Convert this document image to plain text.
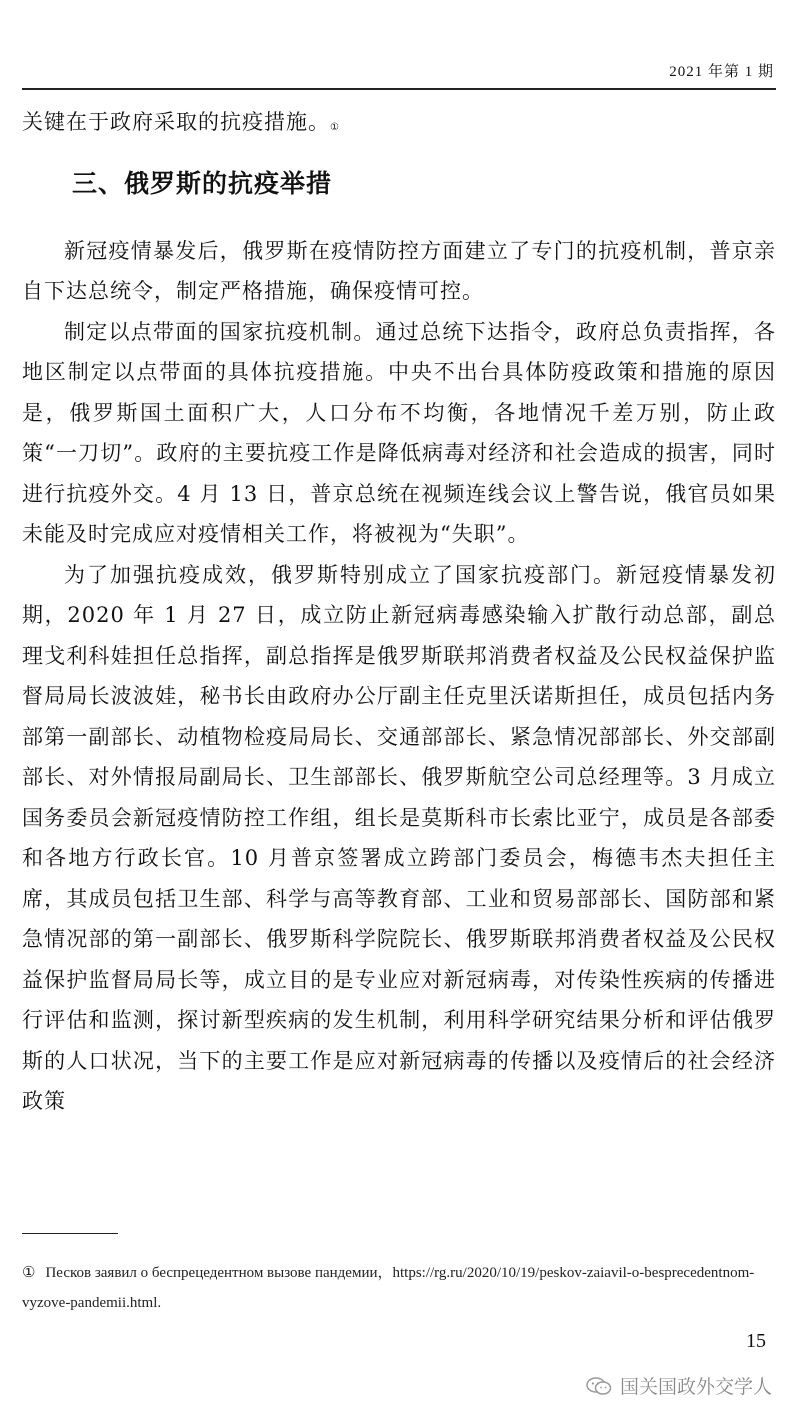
2021 年第 1 期

关键在于政府采取的抗疫措施。①

三、俄罗斯的抗疫举措

新冠疫情暴发后，俄罗斯在疫情防控方面建立了专门的抗疫机制，普京亲自下达总统令，制定严格措施，确保疫情可控。

制定以点带面的国家抗疫机制。通过总统下达指令，政府总负责指挥，各地区制定以点带面的具体抗疫措施。中央不出台具体防疫政策和措施的原因是，俄罗斯国土面积广大，人口分布不均衡，各地情况千差万别，防止政策“一刀切”。政府的主要抗疫工作是降低病毒对经济和社会造成的损害，同时进行抗疫外交。4 月 13 日，普京总统在视频连线会议上警告说，俄官员如果未能及时完成应对疫情相关工作，将被视为“失职”。

为了加强抗疫成效，俄罗斯特别成立了国家抗疫部门。新冠疫情暴发初期，2020 年 1 月 27 日，成立防止新冠病毒感染输入扩散行动总部，副总理戈利科娃担任总指挥，副总指挥是俄罗斯联邦消费者权益及公民权益保护监督局局长波波娃，秘书长由政府办公厅副主任克里沃诺斯担任，成员包括内务部第一副部长、动植物检疫局局长、交通部部长、紧急情况部部长、外交部副部长、对外情报局副局长、卫生部部长、俄罗斯航空公司总经理等。3 月成立国务委员会新冠疫情防控工作组，组长是莫斯科市长索比亚宁，成员是各部委和各地方行政长官。10 月普京签署成立跨部门委员会，梅德韦杰夫担任主席，其成员包括卫生部、科学与高等教育部、工业和贸易部部长、国防部和紧急情况部的第一副部长、俄罗斯科学院院长、俄罗斯联邦消费者权益及公民权益保护监督局局长等，成立目的是专业应对新冠病毒，对传染性疾病的传播进行评估和监测，探讨新型疾病的发生机制，利用科学研究结果分析和评估俄罗斯的人口状况，当下的主要工作是应对新冠病毒的传播以及疫情后的社会经济政策

① Песков заявил о беспрецедентном вызове пандемии，https://rg.ru/2020/10/19/peskov-zaiavil-o-besprecedentnom-vyzove-pandemii.html.
15
国关国政外交学人
